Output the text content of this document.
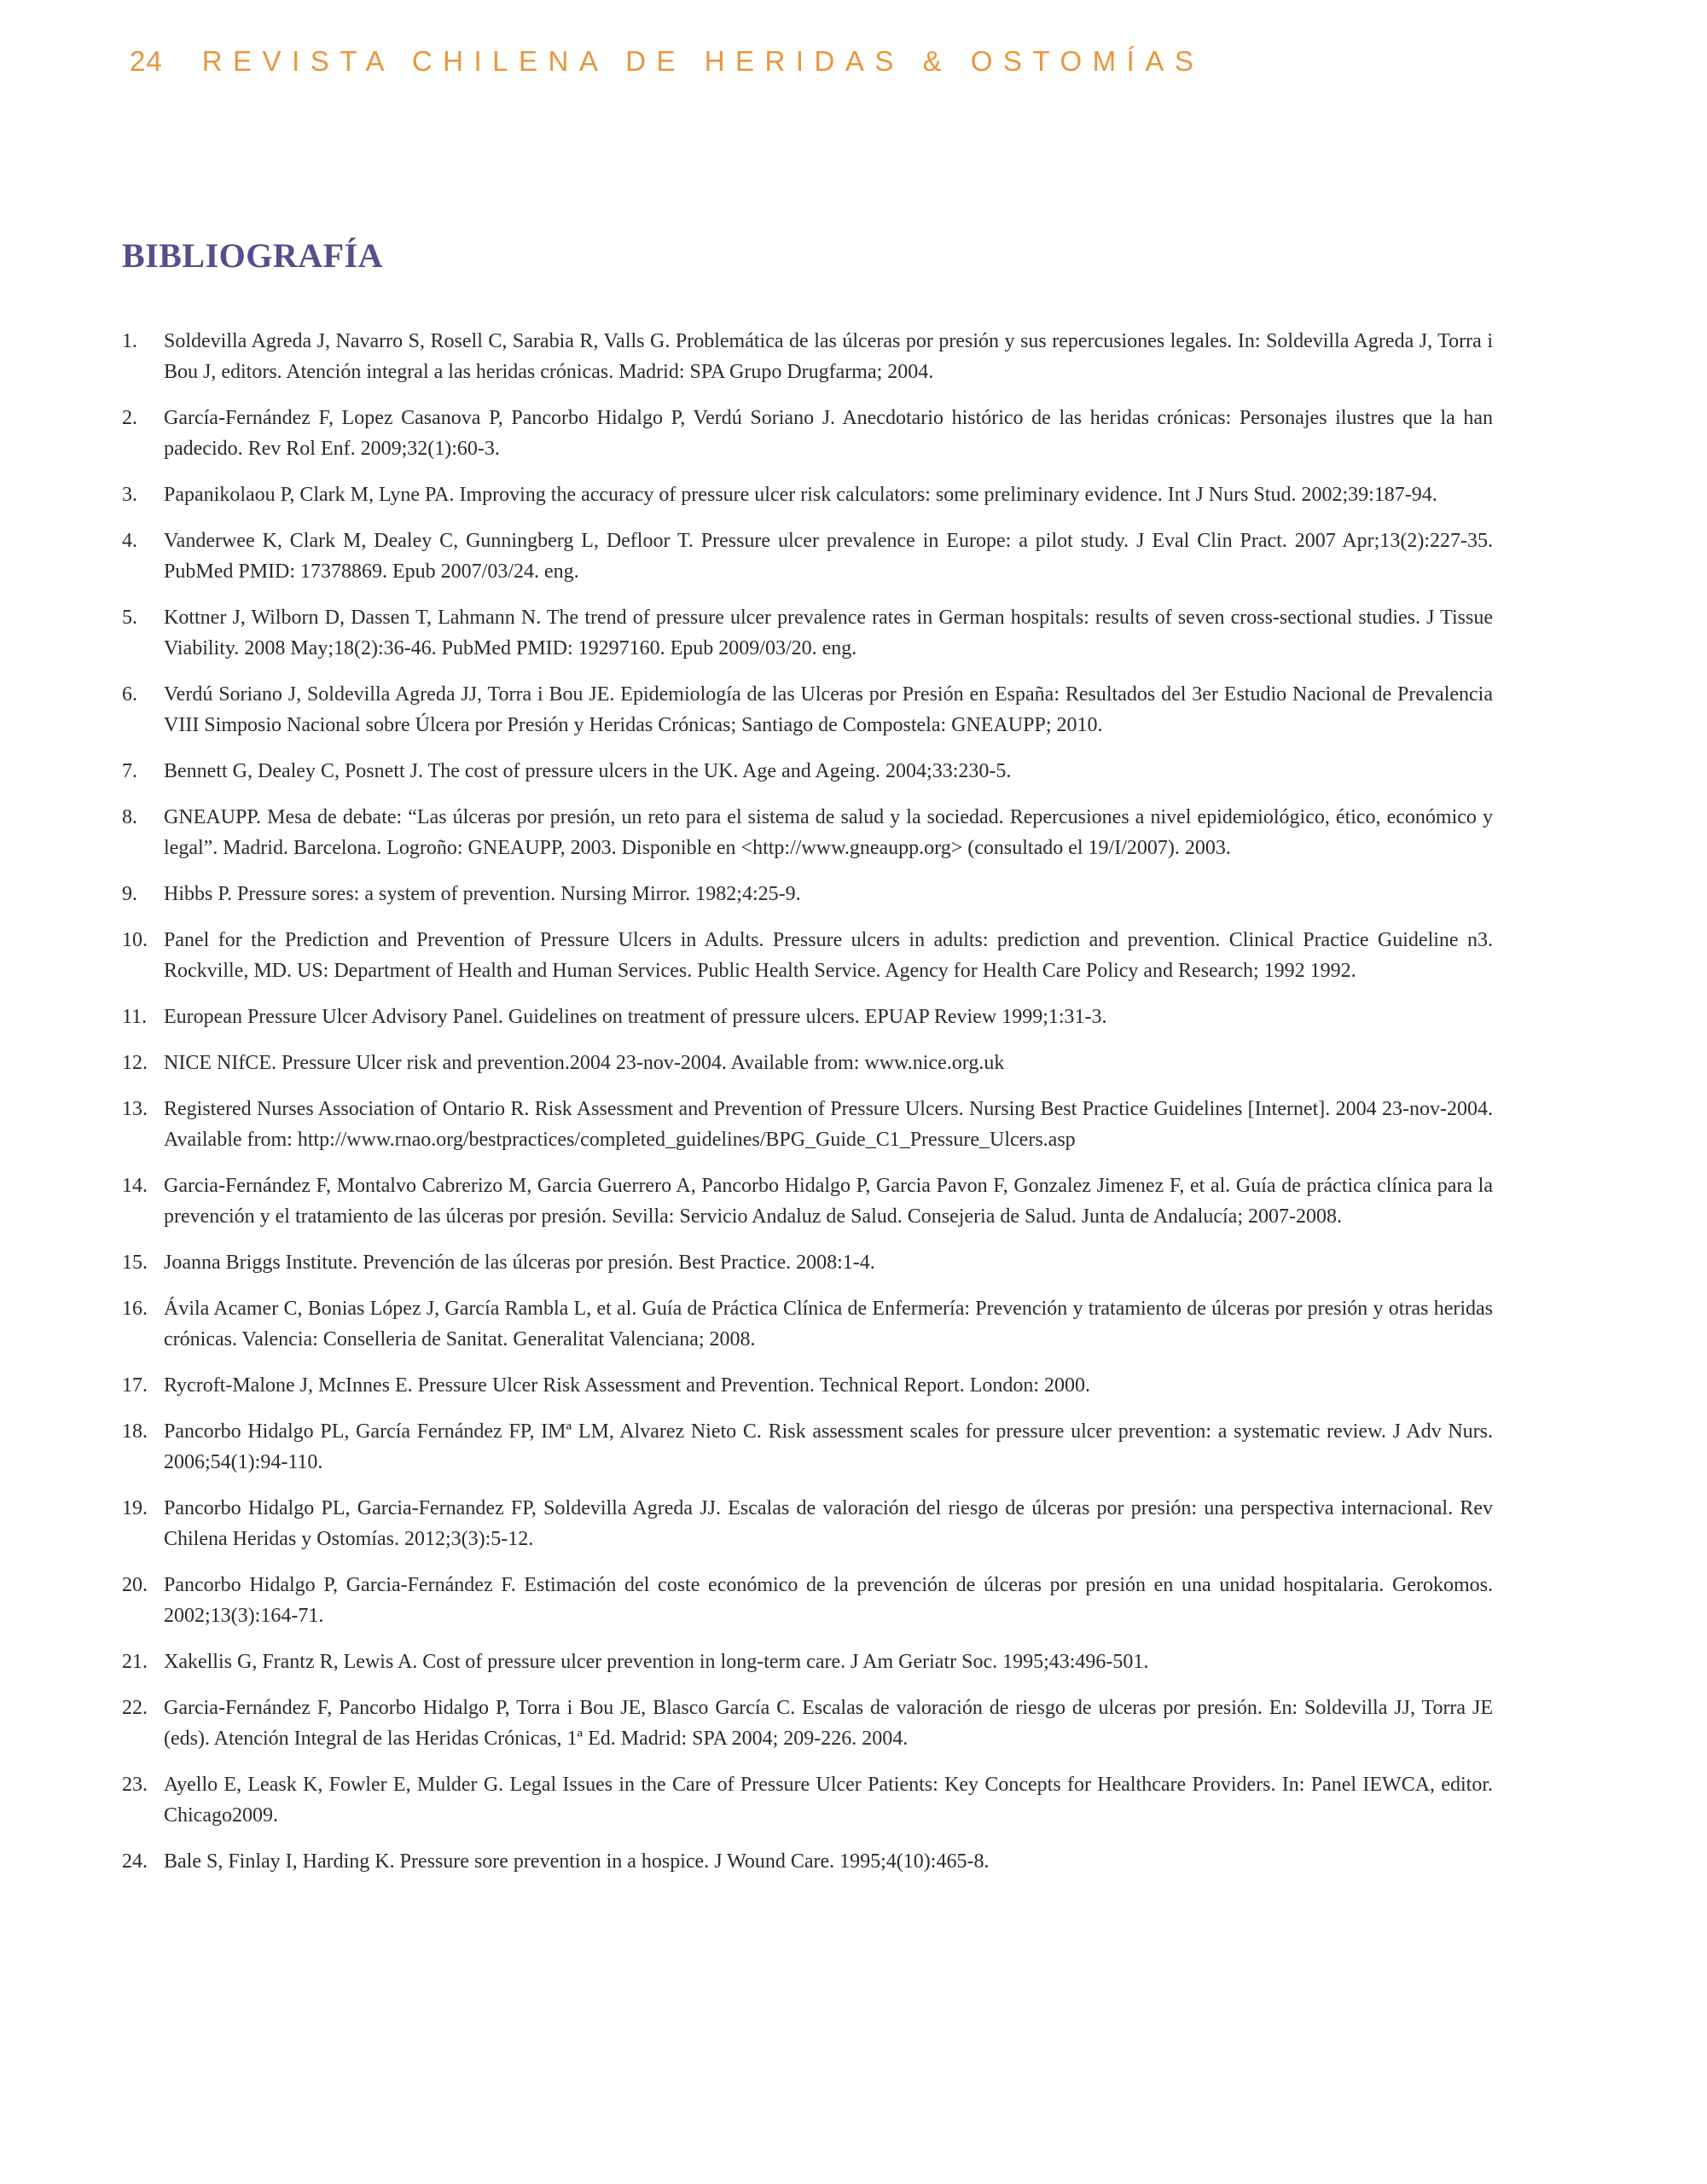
24 REVISTA CHILENA DE HERIDAS & OSTOMÍAS
BIBLIOGRAFÍA
1.	Soldevilla Agreda J, Navarro S, Rosell C, Sarabia R, Valls G. Problemática de las úlceras por presión y sus repercusiones legales. In: Soldevilla Agreda J, Torra i Bou J, editors. Atención integral a las heridas crónicas. Madrid: SPA Grupo Drugfarma; 2004.
2.	García-Fernández F, Lopez Casanova P, Pancorbo Hidalgo P, Verdú Soriano J. Anecdotario histórico de las heridas crónicas: Personajes ilustres que la han padecido. Rev Rol Enf. 2009;32(1):60-3.
3.	Papanikolaou P, Clark M, Lyne PA. Improving the accuracy of pressure ulcer risk calculators: some preliminary evidence. Int J Nurs Stud. 2002;39:187-94.
4.	Vanderwee K, Clark M, Dealey C, Gunningberg L, Defloor T. Pressure ulcer prevalence in Europe: a pilot study. J Eval Clin Pract. 2007 Apr;13(2):227-35. PubMed PMID: 17378869. Epub 2007/03/24. eng.
5.	Kottner J, Wilborn D, Dassen T, Lahmann N. The trend of pressure ulcer prevalence rates in German hospitals: results of seven cross-sectional studies. J Tissue Viability. 2008 May;18(2):36-46. PubMed PMID: 19297160. Epub 2009/03/20. eng.
6.	Verdú Soriano J, Soldevilla Agreda JJ, Torra i Bou JE. Epidemiología de las Ulceras por Presión en España: Resultados del 3er Estudio Nacional de Prevalencia VIII Simposio Nacional sobre Úlcera por Presión y Heridas Crónicas; Santiago de Compostela: GNEAUPP; 2010.
7.	Bennett G, Dealey C, Posnett J. The cost of pressure ulcers in the UK. Age and Ageing. 2004;33:230-5.
8.	GNEAUPP. Mesa de debate: “Las úlceras por presión, un reto para el sistema de salud y la sociedad. Repercusiones a nivel epidemiológico, ético, económico y legal”. Madrid. Barcelona. Logroño: GNEAUPP, 2003. Disponible en <http://www.gneaupp.org> (consultado el 19/I/2007). 2003.
9.	Hibbs P. Pressure sores: a system of prevention. Nursing Mirror. 1982;4:25-9.
10. Panel for the Prediction and Prevention of Pressure Ulcers in Adults. Pressure ulcers in adults: prediction and prevention. Clinical Practice Guideline n3. Rockville, MD. US: Department of Health and Human Services. Public Health Service. Agency for Health Care Policy and Research; 1992 1992.
11. European Pressure Ulcer Advisory Panel. Guidelines on treatment of pressure ulcers. EPUAP Review 1999;1:31-3.
12. NICE NIfCE. Pressure Ulcer risk and prevention.2004 23-nov-2004. Available from: www.nice.org.uk
13. Registered Nurses Association of Ontario R. Risk Assessment and Prevention of Pressure Ulcers. Nursing Best Practice Guidelines [Internet]. 2004 23-nov-2004. Available from: http://www.rnao.org/bestpractices/completed_guidelines/BPG_Guide_C1_Pressure_Ulcers.asp
14. Garcia-Fernández F, Montalvo Cabrerizo M, Garcia Guerrero A, Pancorbo Hidalgo P, Garcia Pavon F, Gonzalez Jimenez F, et al. Guía de práctica clínica para la prevención y el tratamiento de las úlceras por presión. Sevilla: Servicio Andaluz de Salud. Consejeria de Salud. Junta de Andalucía; 2007-2008.
15. Joanna Briggs Institute. Prevención de las úlceras por presión. Best Practice. 2008:1-4.
16. Ávila Acamer C, Bonias López J, García Rambla L, et al. Guía de Práctica Clínica de Enfermería: Prevención y tratamiento de úlceras por presión y otras heridas crónicas. Valencia: Conselleria de Sanitat. Generalitat Valenciana; 2008.
17. Rycroft-Malone J, McInnes E. Pressure Ulcer Risk Assessment and Prevention. Technical Report. London: 2000.
18. Pancorbo Hidalgo PL, García Fernández FP, IMª LM, Alvarez Nieto C. Risk assessment scales for pressure ulcer prevention: a systematic review. J Adv Nurs. 2006;54(1):94-110.
19. Pancorbo Hidalgo PL, Garcia-Fernandez FP, Soldevilla Agreda JJ. Escalas de valoración del riesgo de úlceras por presión: una perspectiva internacional. Rev Chilena Heridas y Ostomías. 2012;3(3):5-12.
20. Pancorbo Hidalgo P, Garcia-Fernández F. Estimación del coste económico de la prevención de úlceras por presión en una unidad hospitalaria. Gerokomos. 2002;13(3):164-71.
21. Xakellis G, Frantz R, Lewis A. Cost of pressure ulcer prevention in long-term care. J Am Geriatr Soc. 1995;43:496-501.
22. Garcia-Fernández F, Pancorbo Hidalgo P, Torra i Bou JE, Blasco García C. Escalas de valoración de riesgo de ulceras por presión. En: Soldevilla JJ, Torra JE (eds). Atención Integral de las Heridas Crónicas, 1ª Ed. Madrid: SPA 2004; 209-226. 2004.
23. Ayello E, Leask K, Fowler E, Mulder G. Legal Issues in the Care of Pressure Ulcer Patients: Key Concepts for Healthcare Providers. In: Panel IEWCA, editor. Chicago2009.
24. Bale S, Finlay I, Harding K. Pressure sore prevention in a hospice. J Wound Care. 1995;4(10):465-8.
